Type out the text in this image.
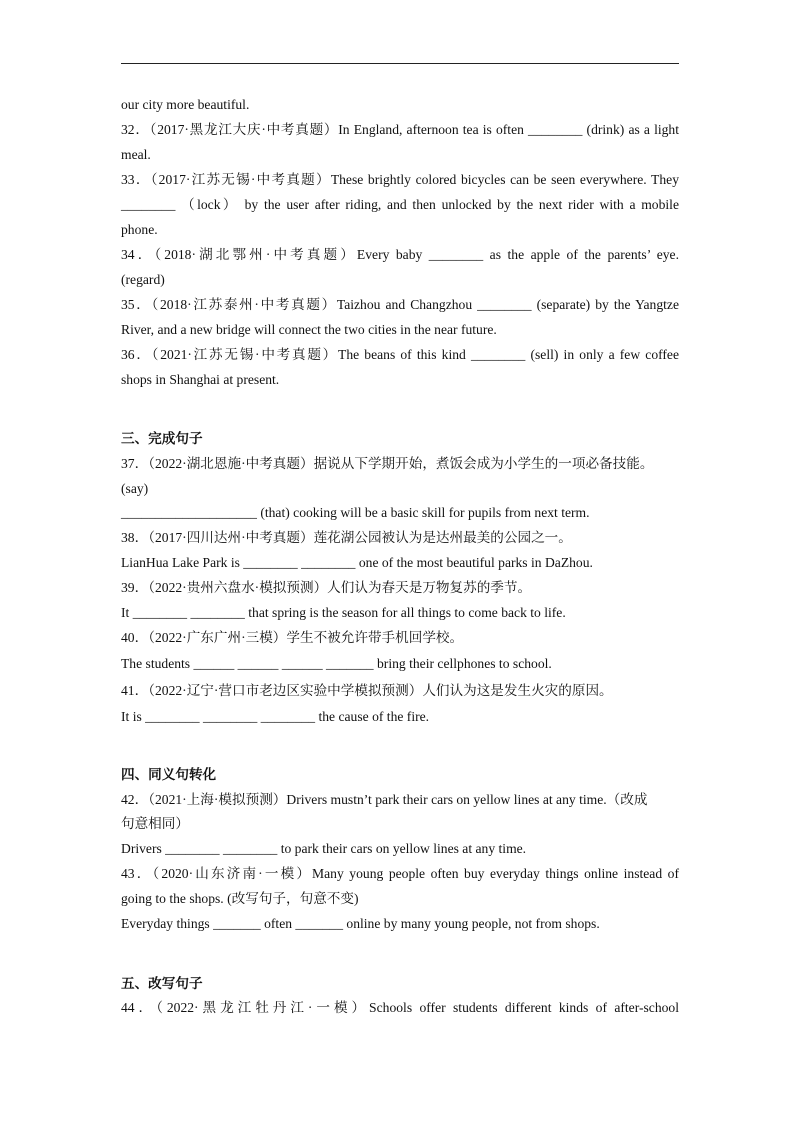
our city more beautiful.
32．（2017·黑龙江大庆·中考真题）In England, afternoon tea is often ________ (drink) as a light
meal.
33．（2017·江苏无锡·中考真题）These brightly colored bicycles can be seen everywhere. They
________ （lock） by the user after riding, and then unlocked by the next rider with a mobile
phone.
34．（2018·湖北鄂州·中考真题）Every baby ________ as the apple of the parents’ eye.
(regard)
35．（2018·江苏泰州·中考真题）Taizhou and Changzhou ________ (separate) by the Yangtze
River, and a new bridge will connect the two cities in the near future.
36．（2021·江苏无锡·中考真题）The beans of this kind ________ (sell) in only a few coffee
shops in Shanghai at present.
三、完成句子
37．（2022·湖北恩施·中考真题）据说从下学期开始，煮饭会成为小学生的一项必备技能。
(say)
____________________ (that) cooking will be a basic skill for pupils from next term.
38．（2017·四川达州·中考真题）莲花湖公园被认为是达州最美的公园之一。
LianHua Lake Park is ________ ________ one of the most beautiful parks in DaZhou.
39．（2022·贵州六盘水·模拟预测）人们认为春天是万物复苏的季节。
It ________ ________ that spring is the season for all things to come back to life.
40．（2022·广东广州·三模）学生不被允许带手机回学校。
The students ______ ______ ______ _______ bring their cellphones to school.
41．（2022·辽宁·营口市老边区实验中学模拟预测）人们认为这是发生火灾的原因。
It is ________ ________ ________ the cause of the fire.
四、同义句转化
42．（2021·上海·模拟预测）Drivers mustn’t park their cars on yellow lines at any time.（改成
句意相同）
Drivers ________ ________ to park their cars on yellow lines at any time.
43．（2020·山东济南·一模）Many young people often buy everyday things online instead of
going to the shops. (改写句子，句意不变)
Everyday things _______ often _______ online by many young people, not from shops.
五、改写句子
44．（2022·黑龙江牡丹江·一模）Schools offer students different kinds of after-school
